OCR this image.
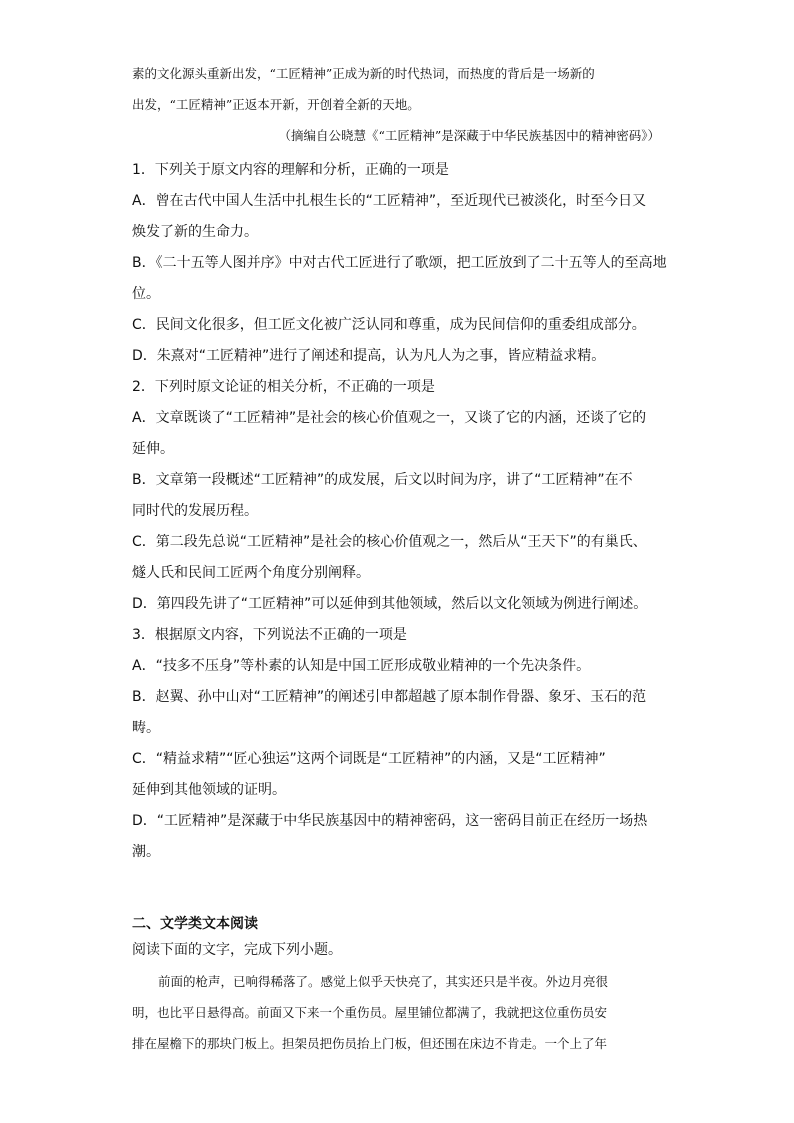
素的文化源头重新出发，“工匠精神”正成为新的时代热词，而热度的背后是一场新的
出发，“工匠精神”正返本开新，开创着全新的天地。
（摘编自公晓慧《“工匠精神”是深藏于中华民族基因中的精神密码》）
1．下列关于原文内容的理解和分析，正确的一项是
A．曾在古代中国人生活中扎根生长的“工匠精神”，至近现代已被淡化，时至今日又
焕发了新的生命力。
B．《二十五等人图并序》中对古代工匠进行了歌颂，把工匠放到了二十五等人的至高地
位。
C．民间文化很多，但工匠文化被广泛认同和尊重，成为民间信仰的重委组成部分。
D．朱熹对“工匠精神”进行了阐述和提高，认为凡人为之事，皆应精益求精。
2．下列时原文论证的相关分析，不正确的一项是
A．文章既谈了“工匠精神”是社会的核心价值观之一，又谈了它的内涵，还谈了它的
延伸。
B．文章第一段概述“工匠精神”的成发展，后文以时间为序，讲了“工匠精神”在不
同时代的发展历程。
C．第二段先总说“工匠精神”是社会的核心价值观之一，然后从“王天下”的有巢氏、
燧人氏和民间工匠两个角度分别阐释。
D．第四段先讲了“工匠精神”可以延伸到其他领域，然后以文化领域为例进行阐述。
3．根据原文内容，下列说法不正确的一项是
A．“技多不压身”等朴素的认知是中国工匠形成敬业精神的一个先决条件。
B．赵翼、孙中山对“工匠精神”的阐述引申都超越了原本制作骨器、象牙、玉石的范
畴。
C．“精益求精”“匠心独运”这两个词既是“工匠精神”的内涵，又是“工匠精神”
延伸到其他领域的证明。
D．“工匠精神”是深藏于中华民族基因中的精神密码，这一密码目前正在经历一场热
潮。
二、文学类文本阅读
阅读下面的文字，完成下列小题。
前面的枪声，已响得稀落了。感觉上似乎天快亮了，其实还只是半夜。外边月亮很
明，也比平日悬得高。前面又下来一个重伤员。屋里铺位都满了，我就把这位重伤员安
排在屋檐下的那块门板上。担架员把伤员抬上门板，但还围在床边不肯走。一个上了年
